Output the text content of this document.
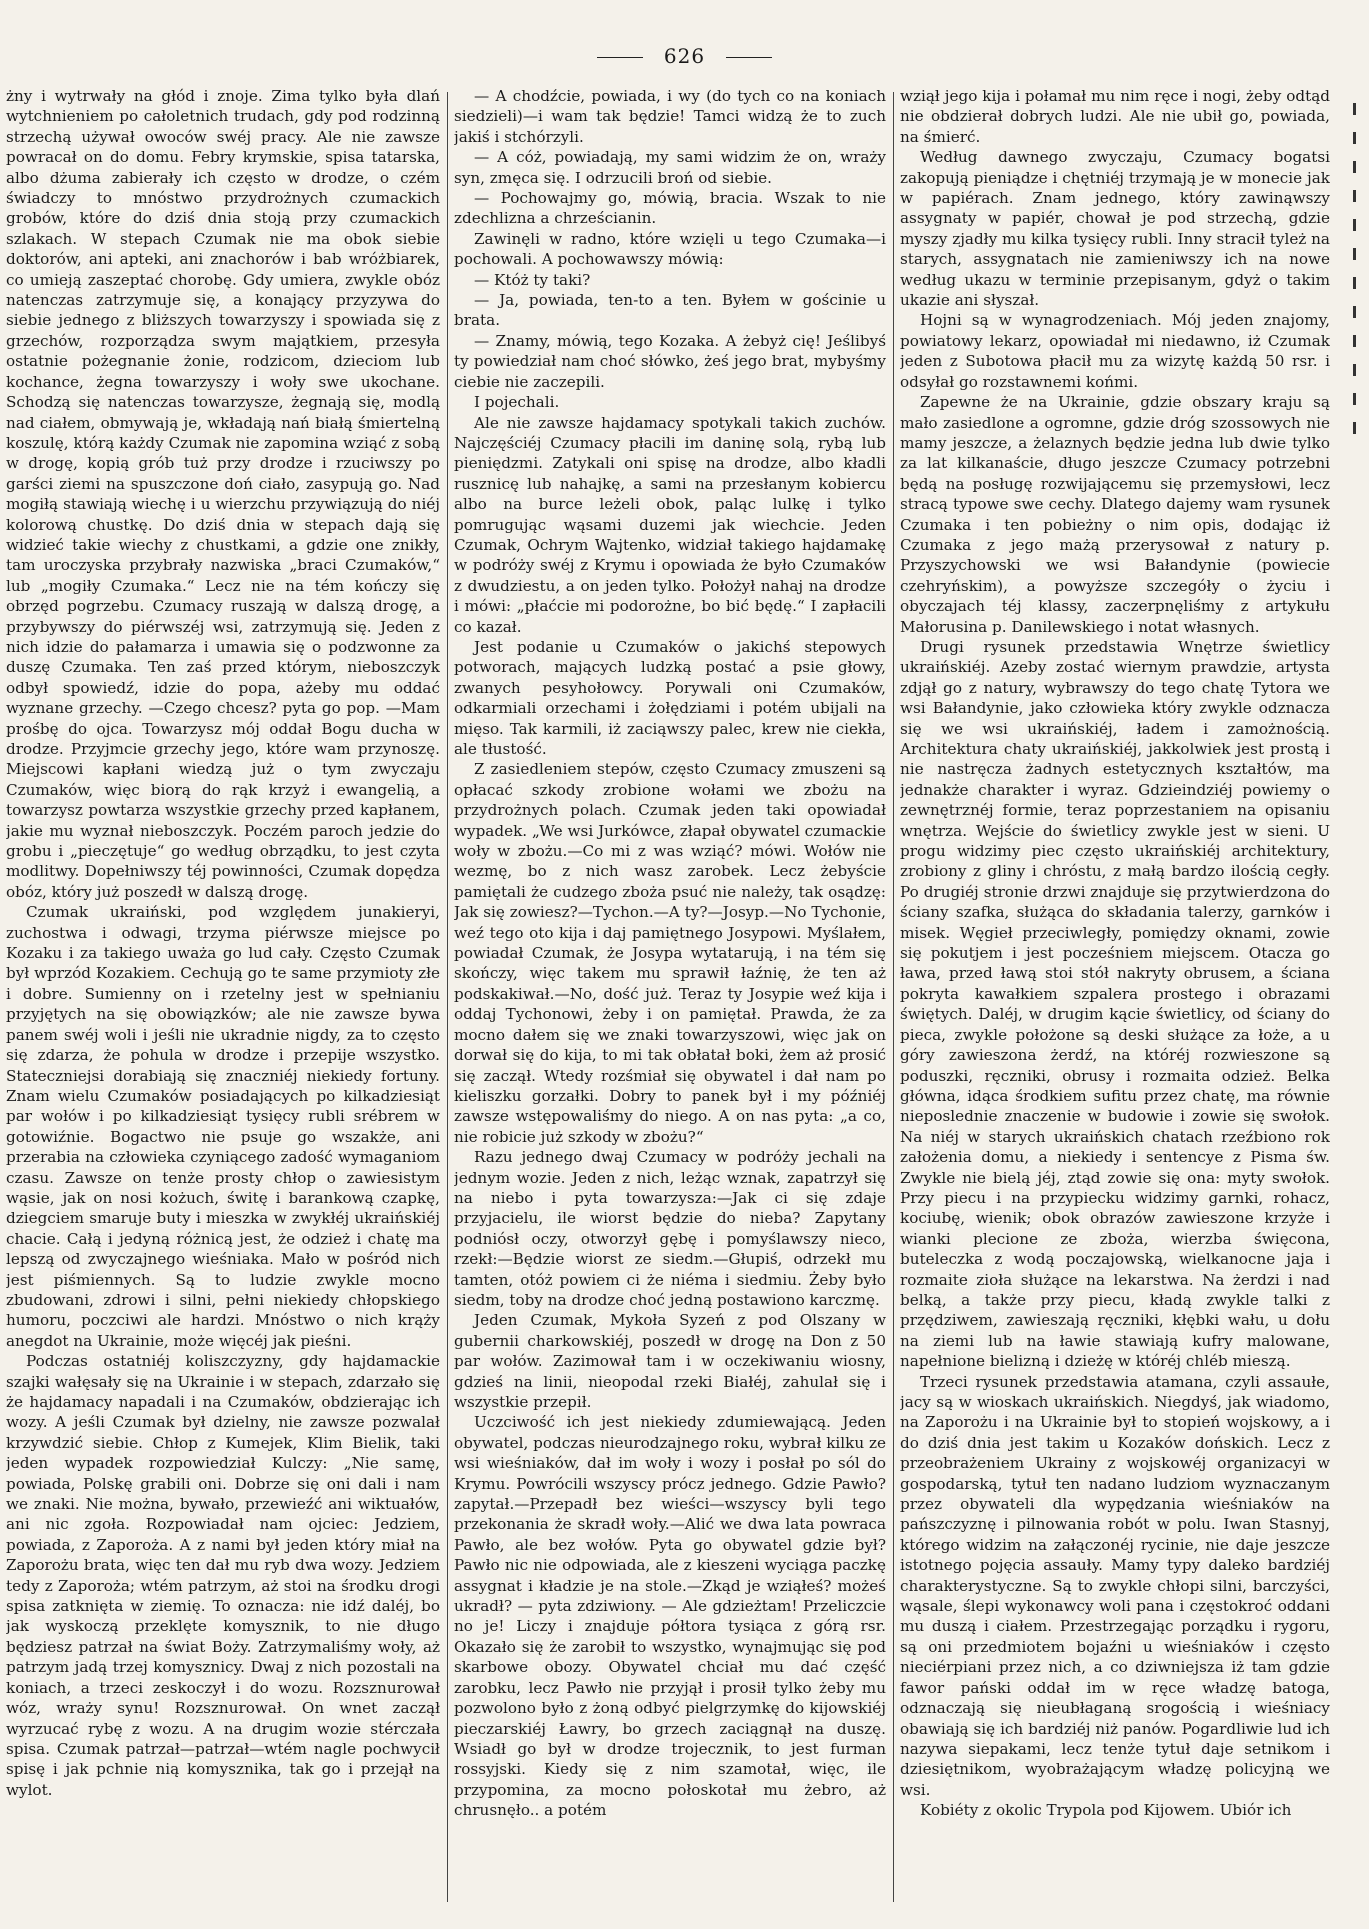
626

żny i wytrwały na głód i znoje. Zima tylko była dlań wytchnieniem po całoletnich trudach, gdy pod rodzinną strzechą używał owoców swéj pracy. Ale nie zawsze powracał on do domu. Febry krymskie, spisa tatarska, albo dżuma zabierały ich często w drodze, o czém świadczy to mnóstwo przydrożnych czumackich grobów, które do dziś dnia stoją przy czumackich szlakach. W stepach Czumak nie ma obok siebie doktorów, ani apteki, ani znachorów i bab wróżbiarek, co umieją zaszeptać chorobę. Gdy umiera, zwykle obóz natenczas zatrzymuje się, a konający przyzywa do siebie jednego z bliższych towarzyszy i spowiada się z grzechów, rozporządza swym majątkiem, przesyła ostatnie pożegnanie żonie, rodzicom, dzieciom lub kochance, żegna towarzyszy i woły swe ukochane. Schodzą się natenczas towarzysze, żegnają się, modlą nad ciałem, obmywają je, wkładają nań białą śmiertelną koszulę, którą każdy Czumak nie zapomina wziąć z sobą w drogę, kopią grób tuż przy drodze i rzuciwszy po garści ziemi na spuszczone doń ciało, zasypują go. Nad mogiłą stawiają wiechę i u wierzchu przywiązują do niéj kolorową chustkę. Do dziś dnia w stepach dają się widzieć takie wiechy z chustkami, a gdzie one znikły, tam uroczyska przybrały nazwiska „braci Czumaków,“ lub „mogiły Czumaka.“ Lecz nie na tém kończy się obrzęd pogrzebu. Czumacy ruszają w dalszą drogę, a przybywszy do piérwszéj wsi, zatrzymują się. Jeden z nich idzie do pałamarza i umawia się o podzwonne za duszę Czumaka. Ten zaś przed którym, nieboszczyk odbył spowiedź, idzie do popa, ażeby mu oddać wyznane grzechy. —Czego chcesz? pyta go pop. —Mam prośbę do ojca. Towarzysz mój oddał Bogu ducha w drodze. Przyjmcie grzechy jego, które wam przynoszę. Miejscowi kapłani wiedzą już o tym zwyczaju Czumaków, więc biorą do rąk krzyż i ewangelią, a towarzysz powtarza wszystkie grzechy przed kapłanem, jakie mu wyznał nieboszczyk. Poczém paroch jedzie do grobu i „pieczętuje“ go według obrządku, to jest czyta modlitwy. Dopełniwszy téj powinności, Czumak dopędza obóz, który już poszedł w dalszą drogę.

Czumak ukraiński, pod względem junakieryi, zuchostwa i odwagi, trzyma piérwsze miejsce po Kozaku i za takiego uważa go lud cały. Często Czumak był wprzód Kozakiem. Cechują go te same przymioty złe i dobre. Sumienny on i rzetelny jest w spełnianiu przyjętych na się obowiązków; ale nie zawsze bywa panem swéj woli i jeśli nie ukradnie nigdy, za to często się zdarza, że pohula w drodze i przepije wszystko. Stateczniejsi dorabiają się znaczniéj niekiedy fortuny. Znam wielu Czumaków posiadających po kilkadziesiąt par wołów i po kilkadziesiąt tysięcy rubli srébrem w gotowiźnie. Bogactwo nie psuje go wszakże, ani przerabia na człowieka czyniącego zadość wymaganiom czasu. Zawsze on tenże prosty chłop o zawiesistym wąsie, jak on nosi kożuch, świtę i barankową czapkę, dziegciem smaruje buty i mieszka w zwykłéj ukraińskiéj chacie. Całą i jedyną różnicą jest, że odzież i chatę ma lepszą od zwyczajnego wieśniaka. Mało w pośród nich jest piśmiennych. Są to ludzie zwykle mocno zbudowani, zdrowi i silni, pełni niekiedy chłopskiego humoru, poczciwi ale hardzi. Mnóstwo o nich krąży anegdot na Ukrainie, może więcéj jak pieśni.

Podczas ostatniéj koliszczyzny, gdy hajdamackie szajki wałęsały się na Ukrainie i w stepach, zdarzało się że hajdamacy napadali i na Czumaków, obdzierając ich wozy. A jeśli Czumak był dzielny, nie zawsze pozwalał krzywdzić siebie. Chłop z Kumejek, Klim Bielik, taki jeden wypadek rozpowiedział Kulczy: „Nie samę, powiada, Polskę grabili oni. Dobrze się oni dali i nam we znaki. Nie można, bywało, przewieźć ani wiktuałów, ani nic zgoła. Rozpowiadał nam ojciec: Jedziem, powiada, z Zaporoża. A z nami był jeden który miał na Zaporożu brata, więc ten dał mu ryb dwa wozy. Jedziem tedy z Zaporoża; wtém patrzym, aż stoi na środku drogi spisa zatknięta w ziemię. To oznacza: nie idź daléj, bo jak wyskoczą przeklęte komysznik, to nie długo będziesz patrzał na świat Boży. Zatrzymaliśmy woły, aż patrzym jadą trzej komysznicy. Dwaj z nich pozostali na koniach, a trzeci zeskoczył i do wozu. Rozsznurował wóz, wraży synu! Rozsznurował. On wnet zaczął wyrzucać rybę z wozu. A na drugim wozie stérczała spisa. Czumak patrzał—patrzał—wtém nagle pochwycił spisę i jak pchnie nią komysznika, tak go i przejął na wylot.

— A chodźcie, powiada, i wy (do tych co na koniach siedzieli)—i wam tak będzie! Tamci widzą że to zuch jakiś i stchórzyli.

— A cóż, powiadają, my sami widzim że on, wraży syn, zmęca się. I odrzucili broń od siebie.

— Pochowajmy go, mówią, bracia. Wszak to nie zdechlizna a chrześcianin.

Zawinęli w radno, które wzięli u tego Czumaka—i pochowali. A pochowawszy mówią:

— Któż ty taki?

— Ja, powiada, ten-to a ten. Byłem w gościnie u brata.

— Znamy, mówią, tego Kozaka. A żebyż cię! Jeślibyś ty powiedział nam choć słówko, żeś jego brat, mybyśmy ciebie nie zaczepili.

I pojechali.

Ale nie zawsze hajdamacy spotykali takich zuchów. Najczęściéj Czumacy płacili im daninę solą, rybą lub pieniędzmi. Zatykali oni spisę na drodze, albo kładli rusznicę lub nahajkę, a sami na przesłanym kobiercu albo na burce leżeli obok, paląc lulkę i tylko pomrugując wąsami duzemi jak wiechcie. Jeden Czumak, Ochrym Wajtenko, widział takiego hajdamakę w podróży swéj z Krymu i opowiada że było Czumaków z dwudziestu, a on jeden tylko. Położył nahaj na drodze i mówi: „płaćcie mi podorożne, bo bić będę.“ I zapłacili co kazał.

Jest podanie u Czumaków o jakichś stepowych potworach, mających ludzką postać a psie głowy, zwanych pesyhołowcy. Porywali oni Czumaków, odkarmiali orzechami i żołędziami i potém ubijali na mięso. Tak karmili, iż zaciąwszy palec, krew nie ciekła, ale tłustość.

Z zasiedleniem stepów, często Czumacy zmuszeni są opłacać szkody zrobione wołami we zbożu na przydrożnych polach. Czumak jeden taki opowiadał wypadek. „We wsi Jurkówce, złapał obywatel czumackie woły w zbożu.—Co mi z was wziąć? mówi. Wołów nie wezmę, bo z nich wasz zarobek. Lecz żebyście pamiętali że cudzego zboża psuć nie należy, tak osądzę: Jak się zowiesz?—Tychon.—A ty?—Josyp.—No Tychonie, weź tego oto kija i daj pamiętnego Josypowi. Myślałem, powiadał Czumak, że Josypa wytatarują, i na tém się skończy, więc takem mu sprawił łaźnię, że ten aż podskakiwał.—No, dość już. Teraz ty Josypie weź kija i oddaj Tychonowi, żeby i on pamiętał. Prawda, że za mocno dałem się we znaki towarzyszowi, więc jak on dorwał się do kija, to mi tak obłatał boki, żem aż prosić się zaczął. Wtedy rozśmiał się obywatel i dał nam po kieliszku gorzałki. Dobry to panek był i my późniéj zawsze wstępowaliśmy do niego. A on nas pyta: „a co, nie robicie już szkody w zbożu?“

Razu jednego dwaj Czumacy w podróży jechali na jednym wozie. Jeden z nich, leżąc wznak, zapatrzył się na niebo i pyta towarzysza:—Jak ci się zdaje przyjacielu, ile wiorst będzie do nieba? Zapytany podniósł oczy, otworzył gębę i pomyślawszy nieco, rzekł:—Będzie wiorst ze siedm.—Głupiś, odrzekł mu tamten, otóż powiem ci że niéma i siedmiu. Żeby było siedm, toby na drodze choć jedną postawiono karczmę.

Jeden Czumak, Mykoła Syzeń z pod Olszany w gubernii charkowskiéj, poszedł w drogę na Don z 50 par wołów. Zazimował tam i w oczekiwaniu wiosny, gdzieś na linii, nieopodal rzeki Białéj, zahulał się i wszystkie przepił.

Uczciwość ich jest niekiedy zdumiewającą. Jeden obywatel, podczas nieurodzajnego roku, wybrał kilku ze wsi wieśniaków, dał im woły i wozy i posłał po sól do Krymu. Powrócili wszyscy prócz jednego. Gdzie Pawło? zapytał.—Przepadł bez wieści—wszyscy byli tego przekonania że skradł woły.—Alić we dwa lata powraca Pawło, ale bez wołów. Pyta go obywatel gdzie był? Pawło nic nie odpowiada, ale z kieszeni wyciąga paczkę assygnat i kładzie je na stole.—Zkąd je wziąłeś? możeś ukradł? — pyta zdziwiony. — Ale gdzieżtam! Przeliczcie no je! Liczy i znajduje półtora tysiąca z górą rsr. Okazało się że zarobił to wszystko, wynajmując się pod skarbowe obozy. Obywatel chciał mu dać część zarobku, lecz Pawło nie przyjął i prosił tylko żeby mu pozwolono było z żoną odbyć pielgrzymkę do kijowskiéj pieczarskiéj Ławry, bo grzech zaciągnął na duszę. Wsiadł go był w drodze trojecznik, to jest furman rossyjski. Kiedy się z nim szamotał, więc, ile przypomina, za mocno połoskotał mu żebro, aż chrusnęło.. a potém

wziął jego kija i połamał mu nim ręce i nogi, żeby odtąd nie obdzierał dobrych ludzi. Ale nie ubił go, powiada, na śmierć.

Według dawnego zwyczaju, Czumacy bogatsi zakopują pieniądze i chętniéj trzymają je w monecie jak w papiérach. Znam jednego, który zawinąwszy assygnaty w papiér, chował je pod strzechą, gdzie myszy zjadły mu kilka tysięcy rubli. Inny stracił tyleż na starych, assygnatach nie zamieniwszy ich na nowe według ukazu w terminie przepisanym, gdyż o takim ukazie ani słyszał.

Hojni są w wynagrodzeniach. Mój jeden znajomy, powiatowy lekarz, opowiadał mi niedawno, iż Czumak jeden z Subotowa płacił mu za wizytę każdą 50 rsr. i odsyłał go rozstawnemi końmi.

Zapewne że na Ukrainie, gdzie obszary kraju są mało zasiedlone a ogromne, gdzie dróg szossowych nie mamy jeszcze, a żelaznych będzie jedna lub dwie tylko za lat kilkanaście, długo jeszcze Czumacy potrzebni będą na posługę rozwijającemu się przemysłowi, lecz stracą typowe swe cechy. Dlatego dajemy wam rysunek Czumaka i ten pobieżny o nim opis, dodając iż Czumaka z jego mażą przerysował z natury p. Przyszychowski we wsi Bałandynie (powiecie czehryńskim), a powyższe szczegóły o życiu i obyczajach téj klassy, zaczerpnęliśmy z artykułu Małorusina p. Danilewskiego i notat własnych.

Drugi rysunek przedstawia Wnętrze świetlicy ukraińskiéj. Azeby zostać wiernym prawdzie, artysta zdjął go z natury, wybrawszy do tego chatę Tytora we wsi Bałandynie, jako człowieka który zwykle odznacza się we wsi ukraińskiéj, ładem i zamożnością. Architektura chaty ukraińskiéj, jakkolwiek jest prostą i nie nastręcza żadnych estetycznych kształtów, ma jednakże charakter i wyraz. Gdzieindziéj powiemy o zewnętrznéj formie, teraz poprzestaniem na opisaniu wnętrza. Wejście do świetlicy zwykle jest w sieni. U progu widzimy piec często ukraińskiéj architektury, zrobiony z gliny i chróstu, z małą bardzo ilością cegły. Po drugiéj stronie drzwi znajduje się przytwierdzona do ściany szafka, służąca do składania talerzy, garnków i misek. Węgieł przeciwległy, pomiędzy oknami, zowie się pokutjem i jest pocześniem miejscem. Otacza go ława, przed ławą stoi stół nakryty obrusem, a ściana pokryta kawałkiem szpalera prostego i obrazami świętych. Daléj, w drugim kącie świetlicy, od ściany do pieca, zwykle położone są deski służące za łoże, a u góry zawieszona żerdź, na któréj rozwieszone są poduszki, ręczniki, obrusy i rozmaita odzież. Belka główna, idąca środkiem sufitu przez chatę, ma równie nieposlednie znaczenie w budowie i zowie się swołok. Na niéj w starych ukraińskich chatach rzeźbiono rok założenia domu, a niekiedy i sentencye z Pisma św. Zwykle nie bielą jéj, ztąd zowie się ona: myty swołok. Przy piecu i na przypiecku widzimy garnki, rohacz, kociubę, wienik; obok obrazów zawieszone krzyże i wianki plecione ze zboża, wierzba święcona, buteleczka z wodą poczajowską, wielkanocne jaja i rozmaite zioła służące na lekarstwa. Na żerdzi i nad belką, a także przy piecu, kładą zwykle talki z przędziwem, zawieszają ręczniki, kłębki wału, u dołu na ziemi lub na ławie stawiają kufry malowane, napełnione bielizną i dzieżę w któréj chléb mieszą.

Trzeci rysunek przedstawia atamana, czyli assaułe, jacy są w wioskach ukraińskich. Niegdyś, jak wiadomo, na Zaporożu i na Ukrainie był to stopień wojskowy, a i do dziś dnia jest takim u Kozaków dońskich. Lecz z przeobrażeniem Ukrainy z wojskowéj organizacyi w gospodarską, tytuł ten nadano ludziom wyznaczanym przez obywateli dla wypędzania wieśniaków na pańszczyznę i pilnowania robót w polu. Iwan Stasnyj, którego widzim na załączonéj rycinie, nie daje jeszcze istotnego pojęcia assauły. Mamy typy daleko bardziéj charakterystyczne. Są to zwykle chłopi silni, barczyści, wąsale, ślepi wykonawcy woli pana i częstokroć oddani mu duszą i ciałem. Przestrzegając porządku i rygoru, są oni przedmiotem bojaźni u wieśniaków i często nieciérpiani przez nich, a co dziwniejsza iż tam gdzie fawor pański oddał im w ręce władzę batoga, odznaczają się nieubłaganą srogością i wieśniacy obawiają się ich bardziéj niż panów. Pogardliwie lud ich nazywa siepakami, lecz tenże tytuł daje setnikom i dziesiętnikom, wyobrażającym władzę policyjną we wsi.

Kobiéty z okolic Trypola pod Kijowem. Ubiór ich
